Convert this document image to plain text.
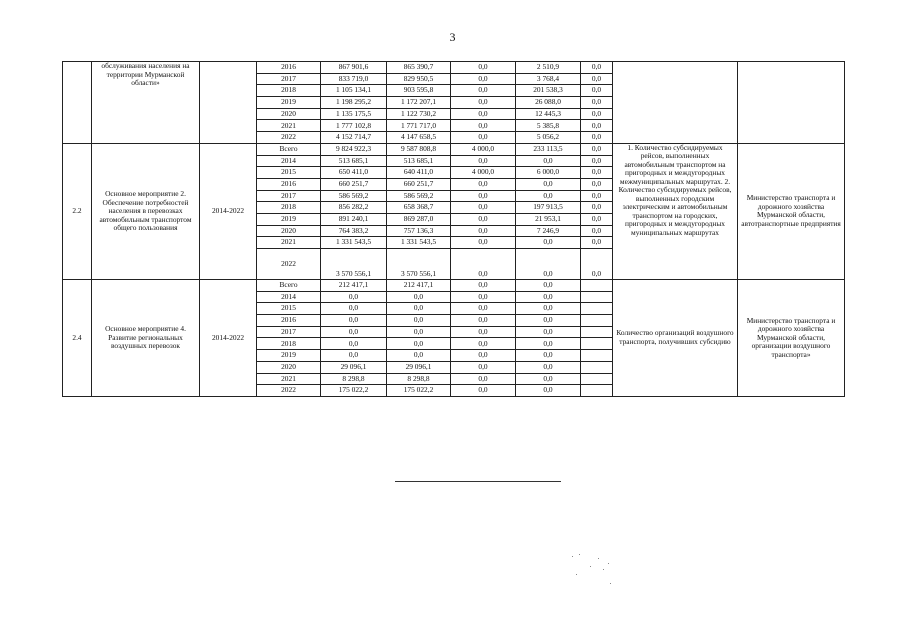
3
	обслуживания населения на территории Мурманской области»		2016	867 901,6	865 390,7	0,0	2 510,9	0,0		
			2017	833 719,0	829 950,5	0,0	3 768,4	0,0		
			2018	1 105 134,1	903 595,8	0,0	201 538,3	0,0		
			2019	1 198 295,2	1 172 207,1	0,0	26 088,0	0,0		
			2020	1 135 175,5	1 122 730,2	0,0	12 445,3	0,0		
			2021	1 777 102,8	1 771 717,0	0,0	5 385,8	0,0		
			2022	4 152 714,7	4 147 658,5	0,0	5 056,2	0,0		
2.2	Основное мероприятие 2. Обеспечение потребностей населения в перевозках автомобильным транспортом общего пользования	2014-2022	Всего	9 824 922,3	9 587 808,8	4 000,0	233 113,5	0,0	1. Количество субсидируемых рейсов, выполненных автомобильным транспортом на пригородных и междугородных межмуниципальных маршрутах. 2. Количество субсидируемых рейсов, выполненных городским электрическим и автомобильным транспортом на городских, пригородных и междугородных муниципальных маршрутах	Министерство транспорта и дорожного хозяйства Мурманской области, автотранспортные предприятия
			2014	513 685,1	513 685,1	0,0	0,0	0,0		
			2015	650 411,0	640 411,0	4 000,0	6 000,0	0,0		
			2016	660 251,7	660 251,7	0,0	0,0	0,0		
			2017	586 569,2	586 569,2	0,0	0,0	0,0		
			2018	856 282,2	658 368,7	0,0	197 913,5	0,0		
			2019	891 240,1	869 287,0	0,0	21 953,1	0,0		
			2020	764 383,2	757 136,3	0,0	7 246,9	0,0		
			2021	1 331 543,5	1 331 543,5	0,0	0,0	0,0		
			2022	3 570 556,1	3 570 556,1	0,0	0,0	0,0		
2.4	Основное мероприятие 4. Развитие региональных воздушных перевозок	2014-2022	Всего	212 417,1	212 417,1	0,0	0,0		Количество организаций воздушного транспорта, получивших субсидию	Министерство транспорта и дорожного хозяйства Мурманской области, организации воздушного транспорта»
			2014	0,0	0,0	0,0	0,0			
			2015	0,0	0,0	0,0	0,0			
			2016	0,0	0,0	0,0	0,0			
			2017	0,0	0,0	0,0	0,0			
			2018	0,0	0,0	0,0	0,0			
			2019	0,0	0,0	0,0	0,0			
			2020	29 096,1	29 096,1	0,0	0,0			
			2021	8 298,8	8 298,8	0,0	0,0			
			2022	175 022,2	175 022,2	0,0	0,0			
